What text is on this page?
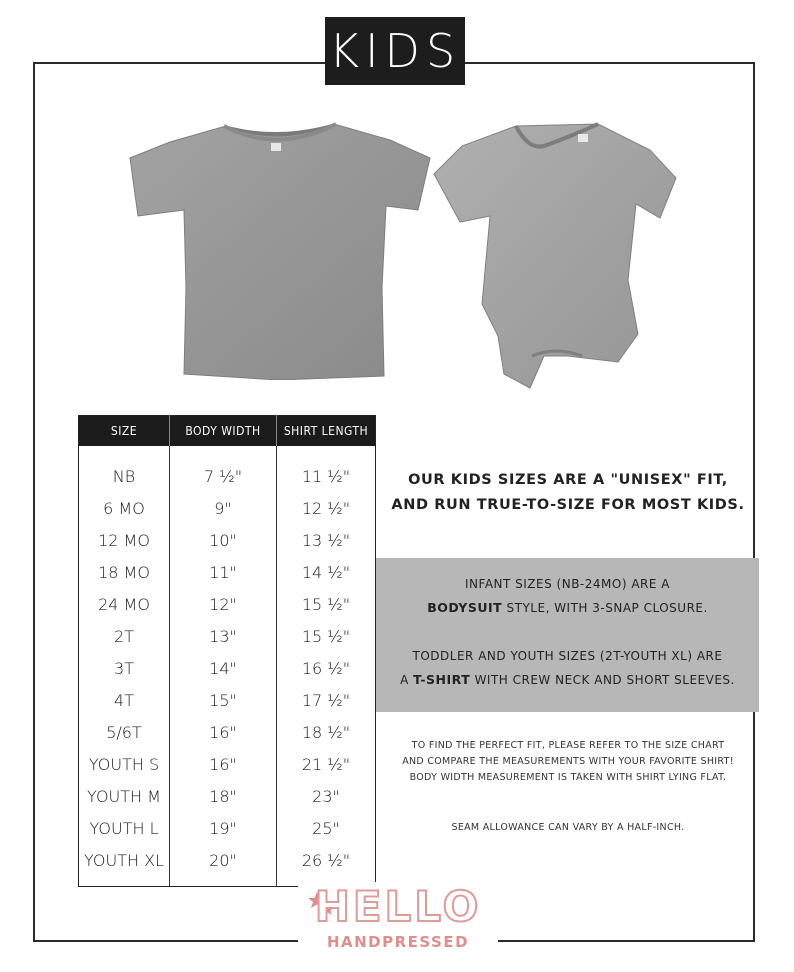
KIDS
SIZE	BODY WIDTH	SHIRT LENGTH
NB	7 ½"	11 ½"
6 MO	9"	12 ½"
12 MO	10"	13 ½"
18 MO	11"	14 ½"
24 MO	12"	15 ½"
2T	13"	15 ½"
3T	14"	16 ½"
4T	15"	17 ½"
5/6T	16"	18 ½"
YOUTH S	16"	21 ½"
YOUTH M	18"	23"
YOUTH L	19"	25"
YOUTH XL	20"	26 ½"
OUR KIDS SIZES ARE A "UNISEX" FIT,
AND RUN TRUE-TO-SIZE FOR MOST KIDS.
INFANT SIZES (NB-24MO) ARE A
BODYSUIT STYLE, WITH 3-SNAP CLOSURE.
TODDLER AND YOUTH SIZES (2T-YOUTH XL) ARE
A T-SHIRT WITH CREW NECK AND SHORT SLEEVES.
TO FIND THE PERFECT FIT, PLEASE REFER TO THE SIZE CHART
AND COMPARE THE MEASUREMENTS WITH YOUR FAVORITE SHIRT!
BODY WIDTH MEASUREMENT IS TAKEN WITH SHIRT LYING FLAT.
SEAM ALLOWANCE CAN VARY BY A HALF-INCH.
HELLO
HANDPRESSED
